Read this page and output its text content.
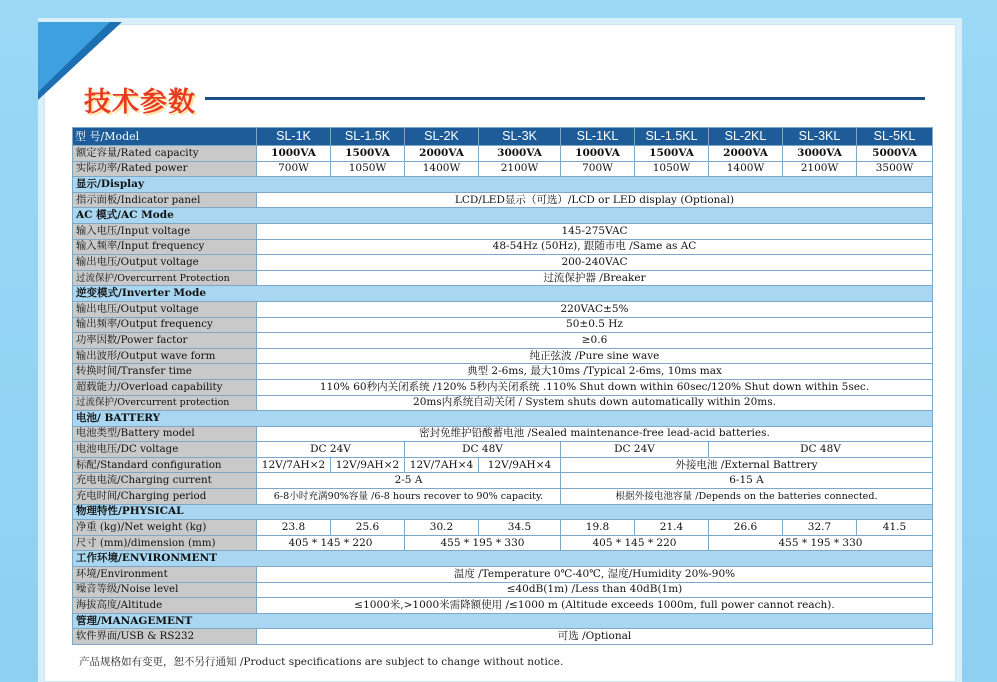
技术参数
型 号/Model	SL-1K	SL-1.5K	SL-2K	SL-3K	SL-1KL	SL-1.5KL	SL-2KL	SL-3KL	SL-5KL
额定容量/Rated capacity	1000VA	1500VA	2000VA	3000VA	1000VA	1500VA	2000VA	3000VA	5000VA
实际功率/Rated power	700W	1050W	1400W	2100W	700W	1050W	1400W	2100W	3500W
显示/Display									
指示面板/Indicator panel	LCD/LED显示（可选）/LCD or LED display (Optional)								
AC 模式/AC Mode									
输入电压/Input voltage	145-275VAC								
输入频率/Input frequency	48-54Hz (50Hz), 跟随市电 /Same as AC								
输出电压/Output voltage	200-240VAC								
过流保护/Overcurrent Protection	过流保护器 /Breaker								
逆变模式/Inverter Mode									
输出电压/Output voltage	220VAC±5%								
输出频率/Output frequency	50±0.5 Hz								
功率因数/Power factor	≥0.6								
输出波形/Output wave form	纯正弦波 /Pure sine wave								
转换时间/Transfer time	典型 2-6ms, 最大10ms /Typical 2-6ms, 10ms max								
超载能力/Overload capability	110% 60秒内关闭系统 /120% 5秒内关闭系统 .110% Shut down within 60sec/120% Shut down within 5sec.								
过流保护/Overcurrent protection	20ms内系统自动关闭 / System shuts down automatically within 20ms.								
电池/ BATTERY									
电池类型/Battery model	密封免维护铅酸蓄电池 /Sealed maintenance-free lead-acid batteries.								
电池电压/DC voltage	DC 24V		DC 48V		DC 24V		DC 48V		
标配/Standard configuration	12V/7AH×2	12V/9AH×2	12V/7AH×4	12V/9AH×4	外接电池 /External Battrery				
充电电流/Charging current	2-5 A				6-15 A				
充电时间/Charging period	6-8小时充满90%容量 /6-8 hours recover to 90% capacity.				根据外接电池容量 /Depends on the batteries connected.				
物理特性/PHYSICAL									
净重 (kg)/Net weight (kg)	23.8	25.6	30.2	34.5	19.8	21.4	26.6	32.7	41.5
尺寸 (mm)/dimension (mm)	405 * 145 * 220		455 * 195 * 330		405 * 145 * 220		455 * 195 * 330		
工作环境/ENVIRONMENT									
环境/Environment	温度 /Temperature 0℃-40℃, 湿度/Humidity 20%-90%								
噪音等级/Noise level	≤40dB(1m) /Less than 40dB(1m)								
海拔高度/Altitude	≤1000米,>1000米需降额使用 /≤1000 m (Altitude exceeds 1000m, full power cannot reach).								
管理/MANAGEMENT									
软件界面/USB & RS232	可选 /Optional								
产品规格如有变更，恕不另行通知 /Product specifications are subject to change without notice.
